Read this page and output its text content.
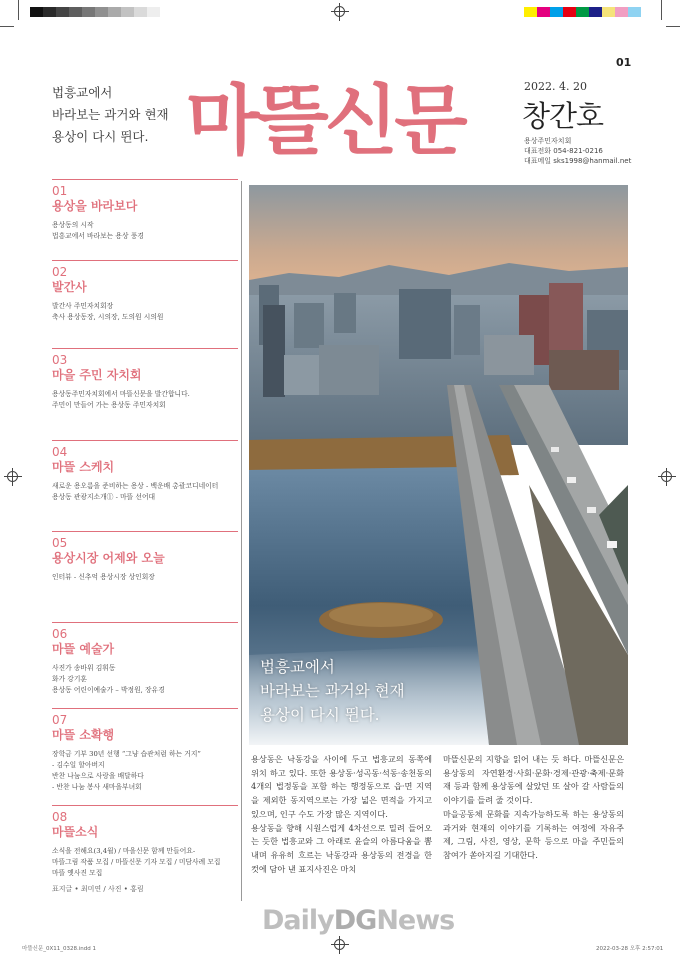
01
법흥교에서
바라보는 과거와 현재
용상이 다시 뛴다. 마뜰신문	2022. 4. 20
창간호
용상주민자치회
대표전화 054-821-0216
대표메일 sks1998@hanmail.net
01
용상을 바라보다
용상동의 시작
법흥교에서 바라보는 용상 풍경
02
발간사
발간사 주민자치회장
축사 용상동장, 시의장, 도의원 시의원
03
마을 주민 자치회
용상동주민자치회에서 마뜰신문을 발간합니다.
주민이 만들어 가는 용상동 주민자치회
04
마뜰 스케치
새로운 용오름을 준비하는 용상 - 백운배 총괄코디네이터
용상동 관광지소개① - 마뜰 선어대
05
용상시장 어제와 오늘
인터뷰 - 신추억 용상시장 상인회장
06
마뜰 예술가
사진가 송바위 김휘동
화가 강기훈
용상동 어린이예술가 – 박정원, 장유경
07
마뜰 소확행
장학금 기부 30년 선행 “그냥 습관처럼 하는 거지”
- 김수일 할아버지
반찬 나눔으로 사랑을 배달하다
- 반찬 나눔 봉사 새마을부녀회
08
마뜰소식
소식을 전해요(3,4월) / 마을신문 함께 만들어요-
마뜰그림 작품 모집 / 마뜰신문 기자 모집 / 미담사례 모집
마뜰 옛사진 모집
표지글 • 최미연 / 사진 • 홍림
법흥교에서
바라보는 과거와 현재
용상이 다시 뛴다.

용상동은 낙동강을 사이에 두고 법흥교의 동쪽에 위치 하고 있다. 또한 용상동·성곡동·석동·송천동의 4개의 법정동을 포함 하는 행정동으로 읍·면 지역을 제외한 동지역으로는 가장 넓은 면적을 가지고 있으며, 인구 수도 가장 많은 지역이다.

용상동을 향해 시원스럽게 4차선으로 밀려 들어오는 듯한 법흥교와 그 아래로 윤슬의 아름다움을 뽐내며 유유히 흐르는 낙동강과 용상동의 전경을 한 컷에 담아 낸 표지사진은 마치

마뜰신문의 지향을 읽어 내는 듯 하다. 마뜰신문은 용상동의 자연환경·사회·문화·경제·관광·축제·문화재 등과 함께 용상동에 살았던 또 살아 갈 사람들의 이야기를 들려 줄 것이다.

마을공동체 문화를 지속가능하도록 하는 용상동의 과거와 현재의 이야기를 기록하는 여정에 자유주제, 그림, 사진, 영상, 문학 등으로 마을 주민들의 참여가 쏟아지길 기대한다.

DailyDGNews
마뜰신문_0X11_0328.indd 1	2022-03-28 오후 2:57:01
